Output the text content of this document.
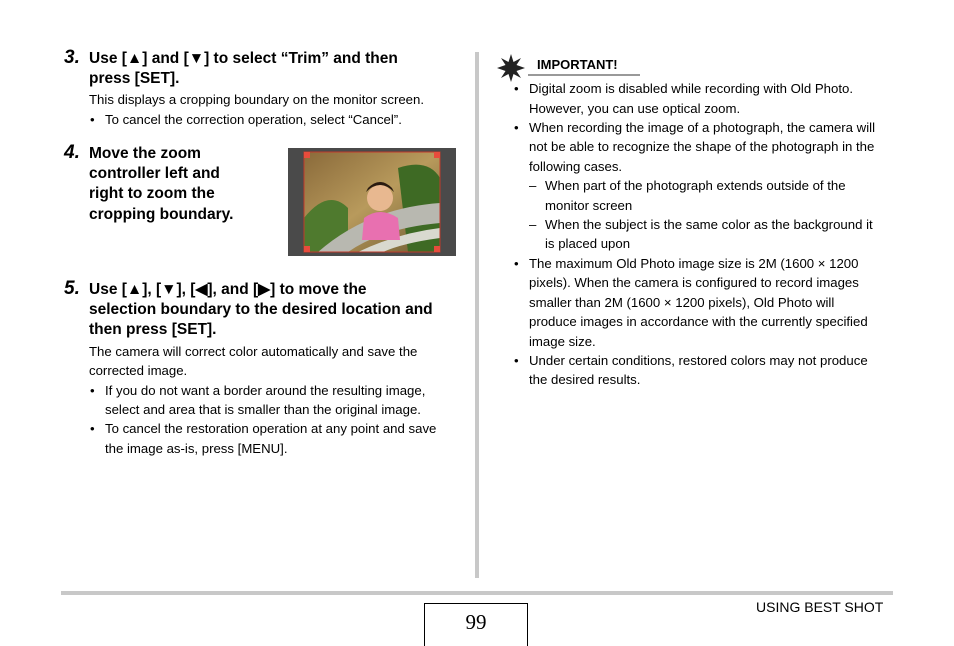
3. Use [▲] and [▼] to select “Trim” and then
press [SET].
This displays a cropping boundary on the monitor screen.
• To cancel the correction operation, select “Cancel”.
4. Move the zoom
controller left and
right to zoom the
cropping boundary.
5. Use [▲], [▼], [◀], and [▶] to move the
selection boundary to the desired location and
then press [SET].
The camera will correct color automatically and save the
corrected image.
• If you do not want a border around the resulting image,
select and area that is smaller than the original image.
• To cancel the restoration operation at any point and save
the image as-is, press [MENU].
IMPORTANT!
• Digital zoom is disabled while recording with Old Photo.
However, you can use optical zoom.
• When recording the image of a photograph, the camera will
not be able to recognize the shape of the photograph in the
following cases.
– When part of the photograph extends outside of the
monitor screen
– When the subject is the same color as the background it
is placed upon
• The maximum Old Photo image size is 2M (1600 × 1200
pixels). When the camera is configured to record images
smaller than 2M (1600 × 1200 pixels), Old Photo will
produce images in accordance with the currently specified
image size.
• Under certain conditions, restored colors may not produce
the desired results.
99
USING BEST SHOT
